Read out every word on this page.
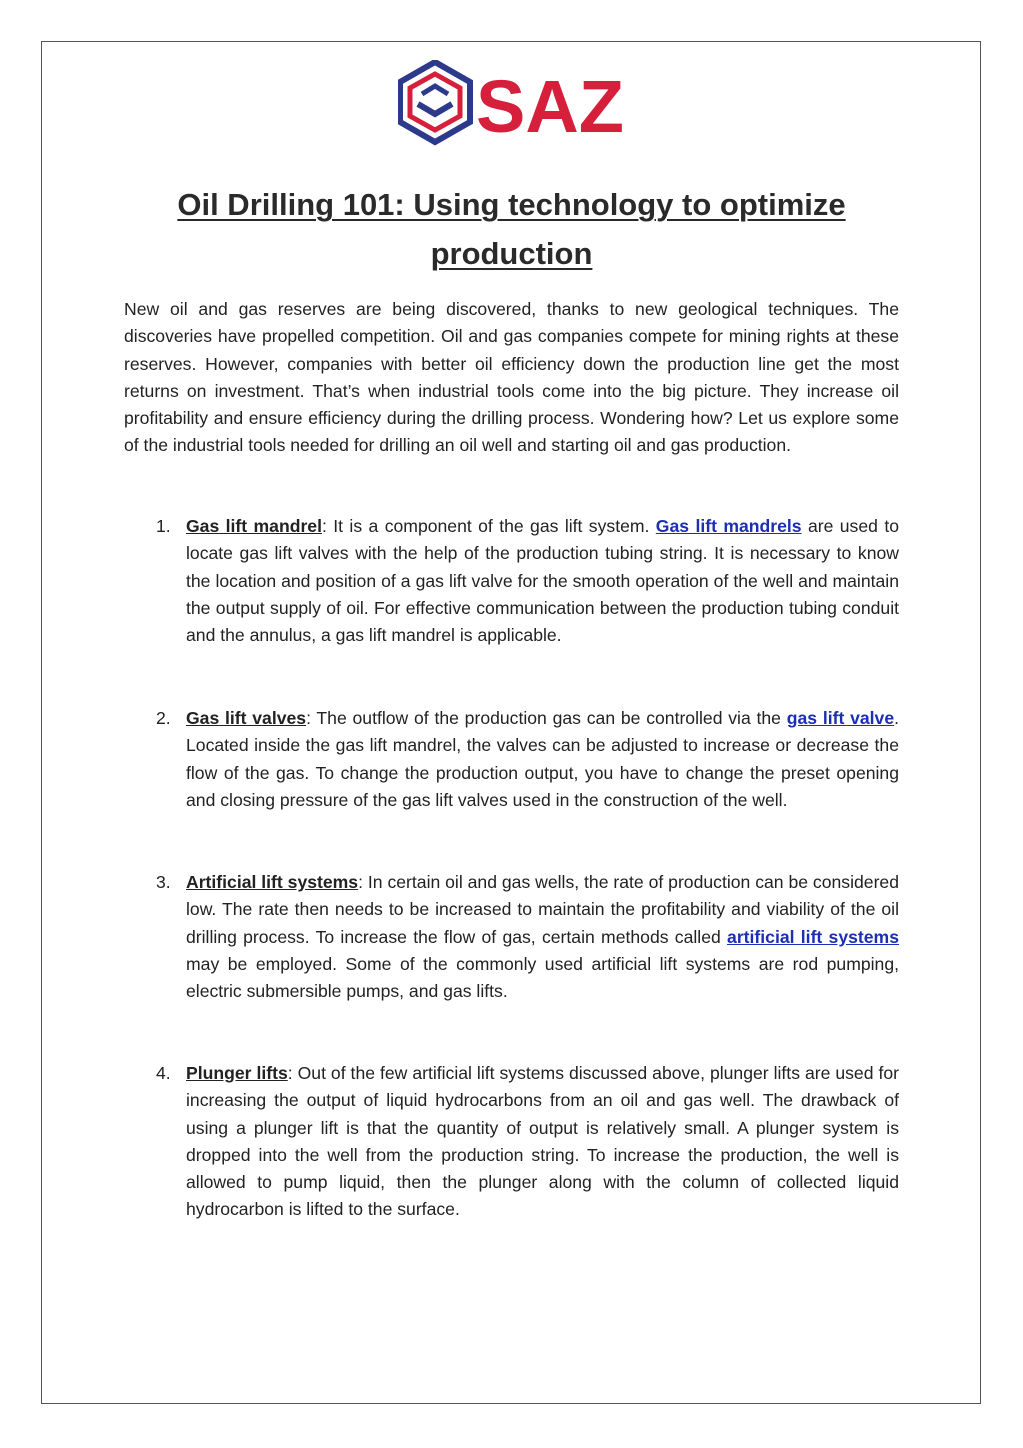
SAZ
Oil Drilling 101: Using technology to optimize production

New oil and gas reserves are being discovered, thanks to new geological techniques. The discoveries have propelled competition. Oil and gas companies compete for mining rights at these reserves. However, companies with better oil efficiency down the production line get the most returns on investment. That’s when industrial tools come into the big picture. They increase oil profitability and ensure efficiency during the drilling process. Wondering how? Let us explore some of the industrial tools needed for drilling an oil well and starting oil and gas production.

1. Gas lift mandrel: It is a component of the gas lift system. Gas lift mandrels are used to locate gas lift valves with the help of the production tubing string. It is necessary to know the location and position of a gas lift valve for the smooth operation of the well and maintain the output supply of oil. For effective communication between the production tubing conduit and the annulus, a gas lift mandrel is applicable.
2. Gas lift valves: The outflow of the production gas can be controlled via the gas lift valve. Located inside the gas lift mandrel, the valves can be adjusted to increase or decrease the flow of the gas. To change the production output, you have to change the preset opening and closing pressure of the gas lift valves used in the construction of the well.
3. Artificial lift systems: In certain oil and gas wells, the rate of production can be considered low. The rate then needs to be increased to maintain the profitability and viability of the oil drilling process. To increase the flow of gas, certain methods called artificial lift systems may be employed. Some of the commonly used artificial lift systems are rod pumping, electric submersible pumps, and gas lifts.
4. Plunger lifts: Out of the few artificial lift systems discussed above, plunger lifts are used for increasing the output of liquid hydrocarbons from an oil and gas well. The drawback of using a plunger lift is that the quantity of output is relatively small. A plunger system is dropped into the well from the production string. To increase the production, the well is allowed to pump liquid, then the plunger along with the column of collected liquid hydrocarbon is lifted to the surface.
